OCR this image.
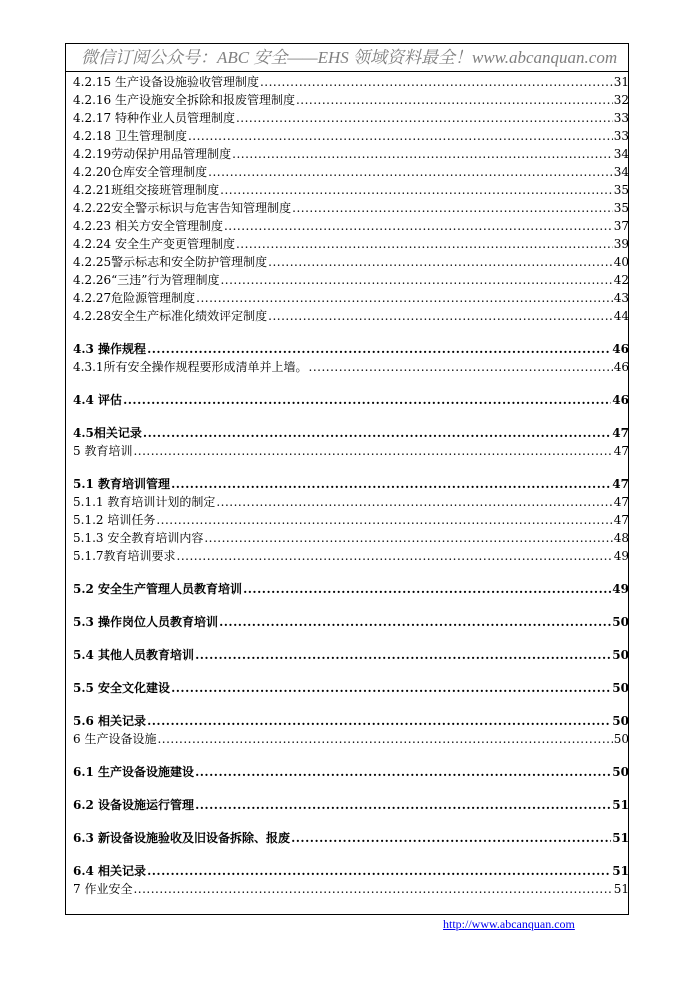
微信订阅公众号：ABC 安全——EHS 领域资料最全！www.abcanquan.com
4.2.15 生产设备设施验收管理制度 .....	31
4.2.16 生产设施安全拆除和报废管理制度 .....	32
4.2.17 特种作业人员管理制度 .....	33
4.2.18 卫生管理制度 .....	33
4.2.19劳动保护用品管理制度 .....	34
4.2.20仓库安全管理制度 .....	34
4.2.21班组交接班管理制度 .....	35
4.2.22安全警示标识与危害告知管理制度 .....	35
4.2.23 相关方安全管理制度 .....	37
4.2.24 安全生产变更管理制度 .....	39
4.2.25警示标志和安全防护管理制度 .....	40
4.2.26“三违”行为管理制度 .....	42
4.2.27危险源管理制度 .....	43
4.2.28安全生产标准化绩效评定制度 .....	44
4.3 操作规程 .....	46
4.3.1所有安全操作规程要形成清单并上墙。 .....	46
4.4 评估 .....	46
4.5相关记录 .....	47
5 教育培训 .....	47
5.1 教育培训管理 .....	47
5.1.1 教育培训计划的制定 .....	47
5.1.2 培训任务 .....	47
5.1.3 安全教育培训内容 .....	48
5.1.7教育培训要求 .....	49
5.2 安全生产管理人员教育培训 .....	49
5.3 操作岗位人员教育培训 .....	50
5.4 其他人员教育培训 .....	50
5.5 安全文化建设 .....	50
5.6 相关记录 .....	50
6 生产设备设施 .....	50
6.1 生产设备设施建设 .....	50
6.2 设备设施运行管理 .....	51
6.3 新设备设施验收及旧设备拆除、报废 .....	51
6.4 相关记录 .....	51
7 作业安全 .....	51
http://www.abcanquan.com
